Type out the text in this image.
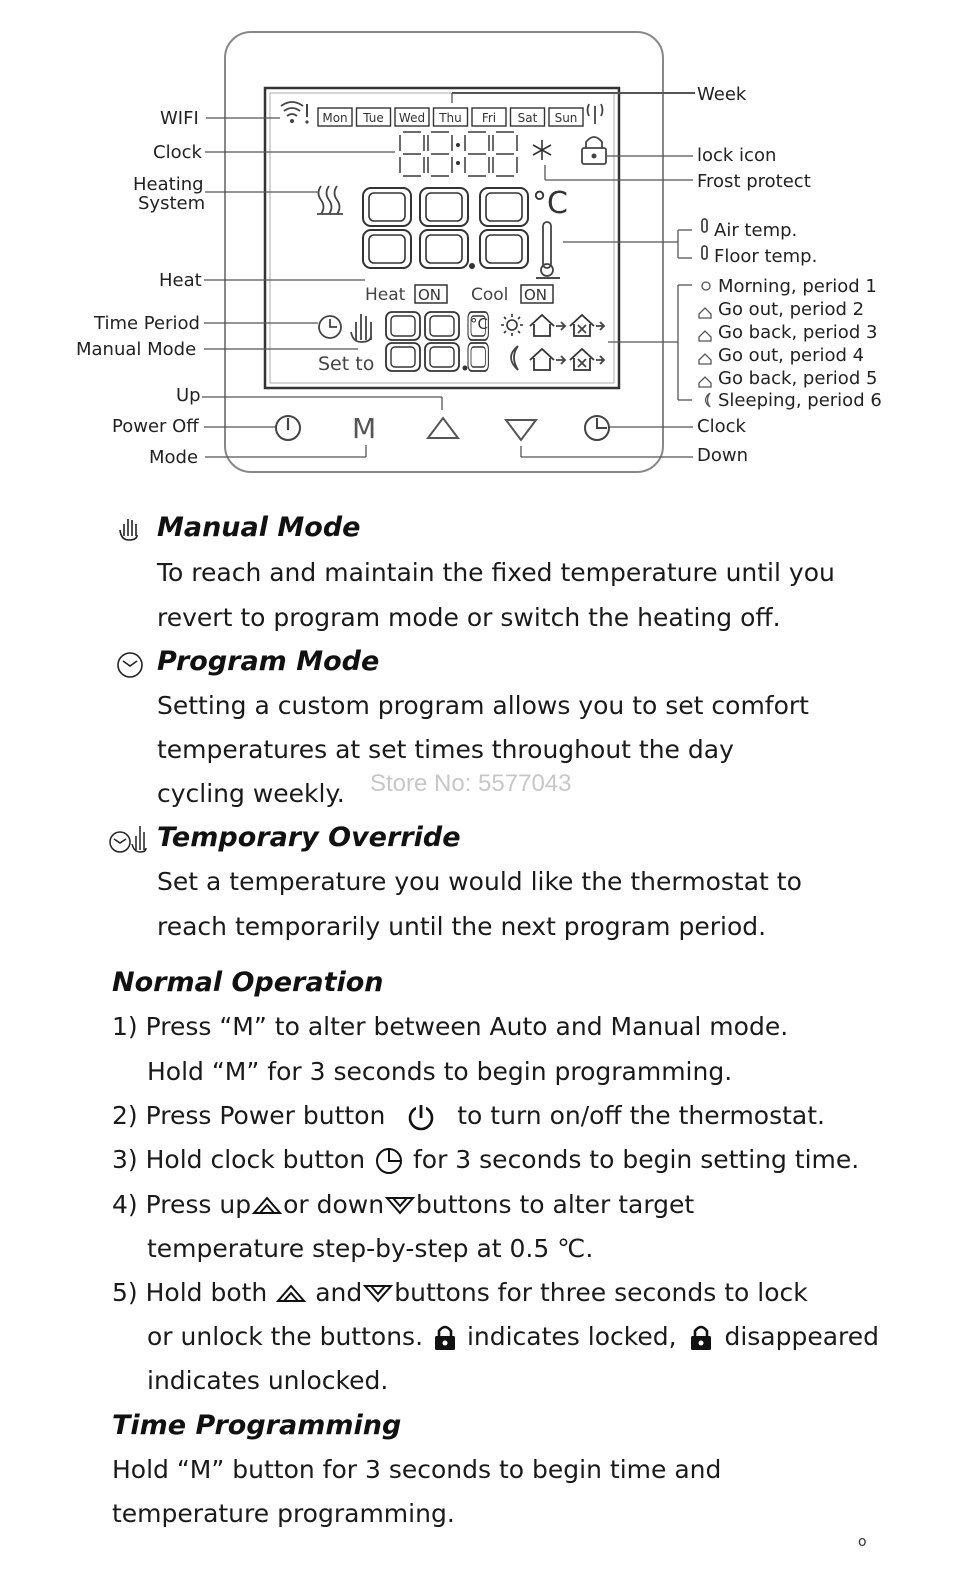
Mon Tue Wed Thu Fri Sat Sun
°C
Heat ON Cool ON
Set to
°C
M
WIFI
Clock
Heating
System
Heat
Time Period
Manual Mode
Up
Power Off
Mode
Week
lock icon
Frost protect
Air temp.
Floor temp.
Morning, period 1
Go out, period 2
Go back, period 3
Go out, period 4
Go back, period 5
Sleeping, period 6
Clock
Down
Manual Mode
To reach and maintain the fixed temperature until you
revert to program mode or switch the heating off.
Program Mode
Setting a custom program allows you to set comfort
temperatures at set times throughout the day
cycling weekly. Store No: 5577043
Temporary Override
Set a temperature you would like the thermostat to
reach temporarily until the next program period.
Normal Operation
1) Press “M” to alter between Auto and Manual mode.
Hold “M” for 3 seconds to begin programming.
2) Press Power button	to turn on/off the thermostat.
3) Hold clock button for 3 seconds to begin setting time.
4) Press up or down buttons to alter target
temperature step-by-step at 0.5 ℃.
5) Hold both and buttons for three seconds to lock
or unlock the buttons. indicates locked, disappeared
indicates unlocked.
Time Programming
Hold “M” button for 3 seconds to begin time and
temperature programming.
o
